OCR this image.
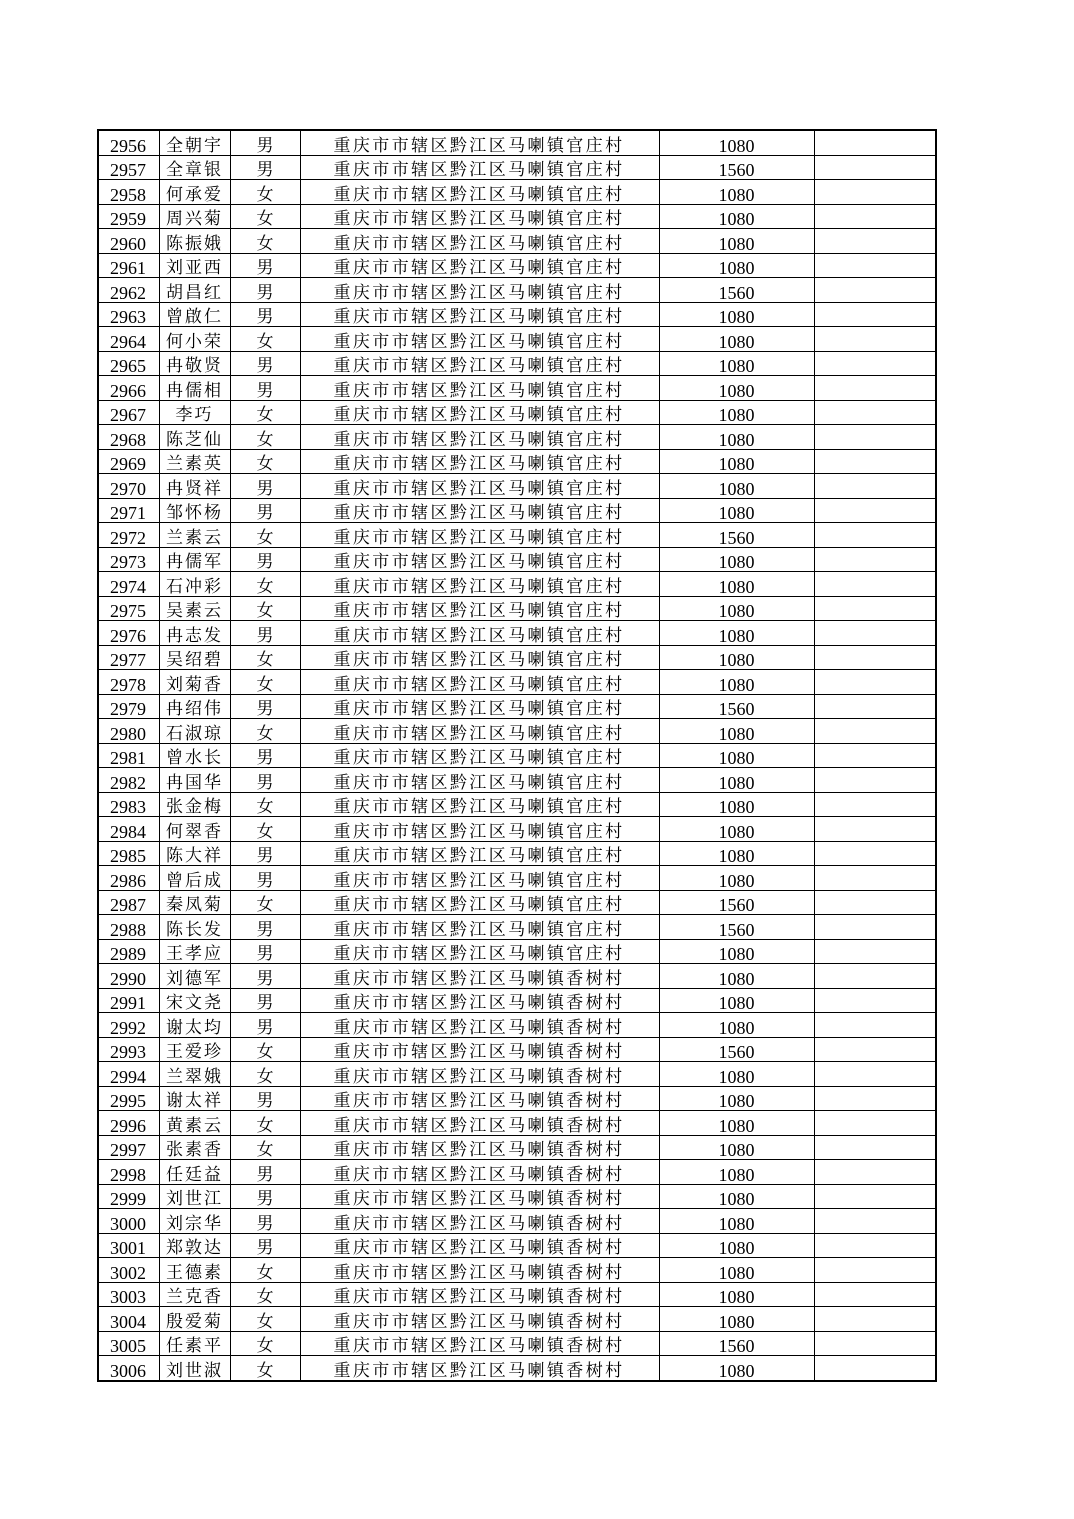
2956	全朝宇	男	重庆市市辖区黔江区马喇镇官庄村	1080	
2957	全章银	男	重庆市市辖区黔江区马喇镇官庄村	1560	
2958	何承爱	女	重庆市市辖区黔江区马喇镇官庄村	1080	
2959	周兴菊	女	重庆市市辖区黔江区马喇镇官庄村	1080	
2960	陈振娥	女	重庆市市辖区黔江区马喇镇官庄村	1080	
2961	刘亚西	男	重庆市市辖区黔江区马喇镇官庄村	1080	
2962	胡昌红	男	重庆市市辖区黔江区马喇镇官庄村	1560	
2963	曾啟仁	男	重庆市市辖区黔江区马喇镇官庄村	1080	
2964	何小荣	女	重庆市市辖区黔江区马喇镇官庄村	1080	
2965	冉敬贤	男	重庆市市辖区黔江区马喇镇官庄村	1080	
2966	冉儒相	男	重庆市市辖区黔江区马喇镇官庄村	1080	
2967	李巧	女	重庆市市辖区黔江区马喇镇官庄村	1080	
2968	陈芝仙	女	重庆市市辖区黔江区马喇镇官庄村	1080	
2969	兰素英	女	重庆市市辖区黔江区马喇镇官庄村	1080	
2970	冉贤祥	男	重庆市市辖区黔江区马喇镇官庄村	1080	
2971	邹怀杨	男	重庆市市辖区黔江区马喇镇官庄村	1080	
2972	兰素云	女	重庆市市辖区黔江区马喇镇官庄村	1560	
2973	冉儒军	男	重庆市市辖区黔江区马喇镇官庄村	1080	
2974	石冲彩	女	重庆市市辖区黔江区马喇镇官庄村	1080	
2975	吴素云	女	重庆市市辖区黔江区马喇镇官庄村	1080	
2976	冉志发	男	重庆市市辖区黔江区马喇镇官庄村	1080	
2977	吴绍碧	女	重庆市市辖区黔江区马喇镇官庄村	1080	
2978	刘菊香	女	重庆市市辖区黔江区马喇镇官庄村	1080	
2979	冉绍伟	男	重庆市市辖区黔江区马喇镇官庄村	1560	
2980	石淑琼	女	重庆市市辖区黔江区马喇镇官庄村	1080	
2981	曾水长	男	重庆市市辖区黔江区马喇镇官庄村	1080	
2982	冉国华	男	重庆市市辖区黔江区马喇镇官庄村	1080	
2983	张金梅	女	重庆市市辖区黔江区马喇镇官庄村	1080	
2984	何翠香	女	重庆市市辖区黔江区马喇镇官庄村	1080	
2985	陈大祥	男	重庆市市辖区黔江区马喇镇官庄村	1080	
2986	曾后成	男	重庆市市辖区黔江区马喇镇官庄村	1080	
2987	秦凤菊	女	重庆市市辖区黔江区马喇镇官庄村	1560	
2988	陈长发	男	重庆市市辖区黔江区马喇镇官庄村	1560	
2989	王孝应	男	重庆市市辖区黔江区马喇镇官庄村	1080	
2990	刘德军	男	重庆市市辖区黔江区马喇镇香树村	1080	
2991	宋文尧	男	重庆市市辖区黔江区马喇镇香树村	1080	
2992	谢太均	男	重庆市市辖区黔江区马喇镇香树村	1080	
2993	王爱珍	女	重庆市市辖区黔江区马喇镇香树村	1560	
2994	兰翠娥	女	重庆市市辖区黔江区马喇镇香树村	1080	
2995	谢太祥	男	重庆市市辖区黔江区马喇镇香树村	1080	
2996	黄素云	女	重庆市市辖区黔江区马喇镇香树村	1080	
2997	张素香	女	重庆市市辖区黔江区马喇镇香树村	1080	
2998	任廷益	男	重庆市市辖区黔江区马喇镇香树村	1080	
2999	刘世江	男	重庆市市辖区黔江区马喇镇香树村	1080	
3000	刘宗华	男	重庆市市辖区黔江区马喇镇香树村	1080	
3001	郑敦达	男	重庆市市辖区黔江区马喇镇香树村	1080	
3002	王德素	女	重庆市市辖区黔江区马喇镇香树村	1080	
3003	兰克香	女	重庆市市辖区黔江区马喇镇香树村	1080	
3004	殷爱菊	女	重庆市市辖区黔江区马喇镇香树村	1080	
3005	任素平	女	重庆市市辖区黔江区马喇镇香树村	1560	
3006	刘世淑	女	重庆市市辖区黔江区马喇镇香树村	1080	
